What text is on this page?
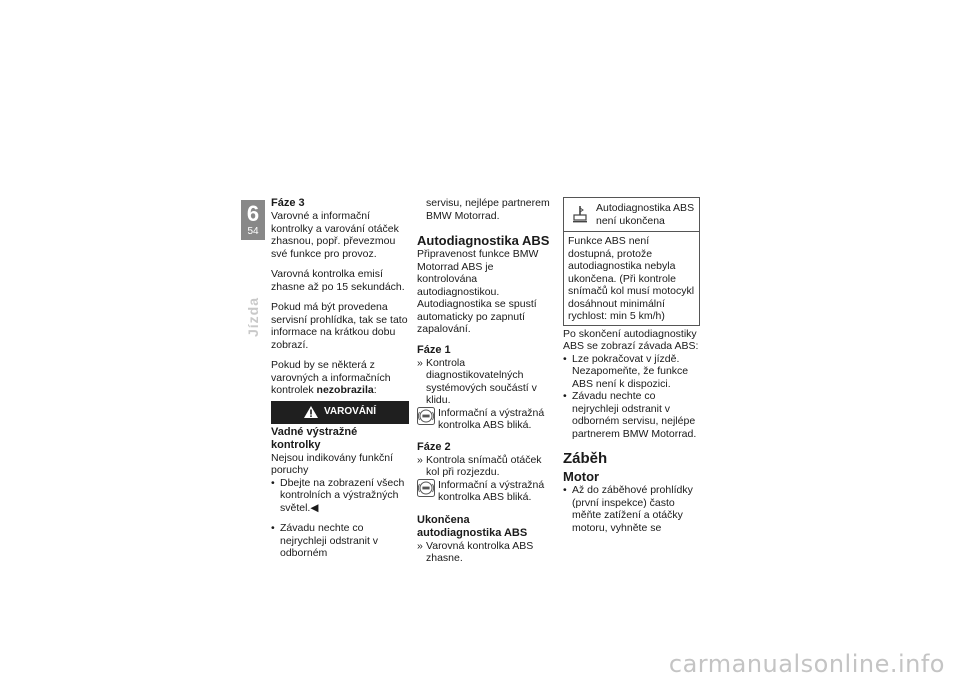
6
54
Jízda
Fáze 3
Varovné a informační kontrolky a varování otáček zhasnou, popř. převezmou své funkce pro provoz.
Varovná kontrolka emisí zhasne až po 15 sekundách.
Pokud má být provedena servisní prohlídka, tak se tato informace na krátkou dobu zobrazí.
Pokud by se některá z varovných a informačních kontrolek nezobrazila:
VAROVÁNÍ
Vadné výstražné kontrolky
Nejsou indikovány funkční poruchy
• Dbejte na zobrazení všech kontrolních a výstražných světel.◀
• Závadu nechte co nejrychleji odstranit v odborném
servisu, nejlépe partnerem BMW Motorrad.
Autodiagnostika ABS
Připravenost funkce BMW Motorrad ABS je kontrolována autodiagnostikou. Autodiagnostika se spustí automaticky po zapnutí zapalování.
Fáze 1
» Kontrola diagnostikovatelných systémových součástí v klidu.
Informační a výstražná kontrolka ABS bliká.
Fáze 2
» Kontrola snímačů otáček kol při rozjezdu.
Informační a výstražná kontrolka ABS bliká.
Ukončena autodiagnostika ABS
» Varovná kontrolka ABS zhasne.
Autodiagnostika ABS není ukončena
Funkce ABS není dostupná, protože autodiagnostika nebyla ukončena. (Při kontrole snímačů kol musí motocykl dosáhnout minimální rychlost: min 5 km/h)
Po skončení autodiagnostiky ABS se zobrazí závada ABS:
• Lze pokračovat v jízdě. Nezapomeňte, že funkce ABS není k dispozici.
• Závadu nechte co nejrychleji odstranit v odborném servisu, nejlépe partnerem BMW Motorrad.
Záběh
Motor
• Až do záběhové prohlídky (první inspekce) často měňte zatížení a otáčky motoru, vyhněte se
carmanualsonline.info
